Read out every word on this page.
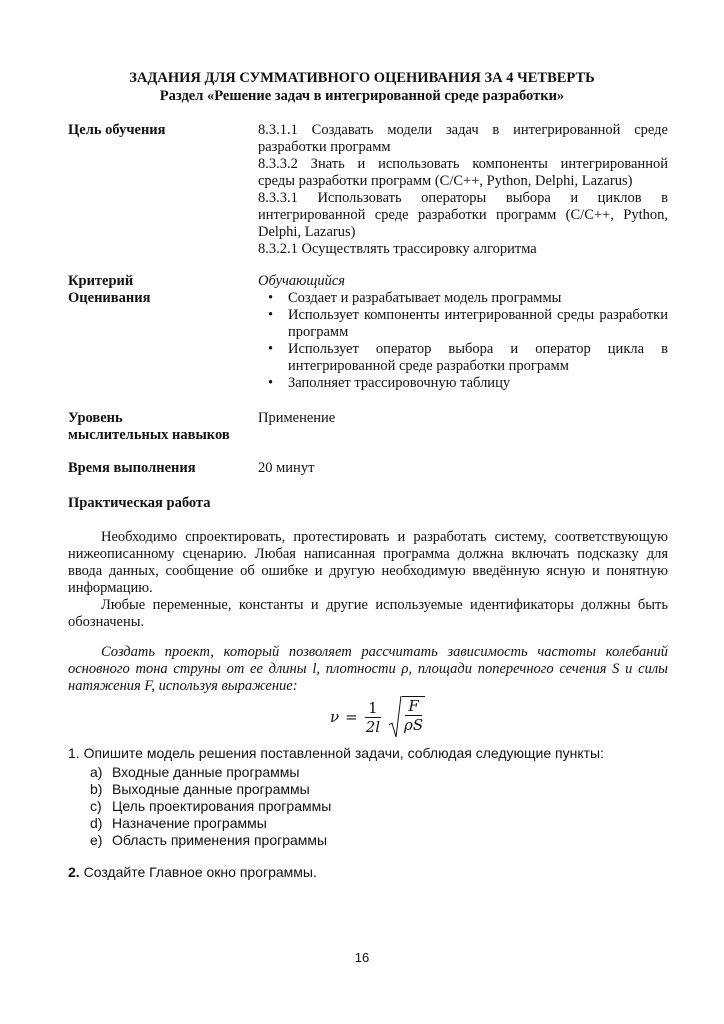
ЗАДАНИЯ ДЛЯ СУММАТИВНОГО ОЦЕНИВАНИЯ ЗА 4 ЧЕТВЕРТЬ
Раздел «Решение задач в интегрированной среде разработки»
Цель обучения	8.3.1.1 Создавать модели задач в интегрированной среде
разработки программ
8.3.3.2 Знать и использовать компоненты интегрированной
среды разработки программ (C/C++, Python, Delphi, Lazarus)
8.3.3.1 Использовать операторы выбора и циклов в
интегрированной среде разработки программ (C/C++, Python,
Delphi, Lazarus)
8.3.2.1 Осуществлять трассировку алгоритма
Критерий
Оценивания
Обучающийся
• Создает и разрабатывает модель программы
• Использует компоненты интегрированной среды разработки программ
• Использует оператор выбора и оператор цикла в интегрированной среде разработки программ
• Заполняет трассировочную таблицу
Уровень
мыслительных навыков
Применение
Время выполнения	20 минут
Практическая работа
Необходимо спроектировать, протестировать и разработать систему, соответствующую нижеописанному сценарию. Любая написанная программа должна включать подсказку для ввода данных, сообщение об ошибке и другую необходимую введённую ясную и понятную информацию.
Любые переменные, константы и другие используемые идентификаторы должны быть обозначены.
Создать проект, который позволяет рассчитать зависимость частоты колебаний основного тона струны от ее длины l, плотности ρ, площади поперечного сечения S и силы натяжения F, используя выражение:
$\nu = \frac{1}{2l} \frac{F}{\rho S}$
1. Опишите модель решения поставленной задачи, соблюдая следующие пункты:
a) Входные данные программы
b) Выходные данные программы
c) Цель проектирования программы
d) Назначение программы
e) Область применения программы
2. Создайте Главное окно программы.
16
